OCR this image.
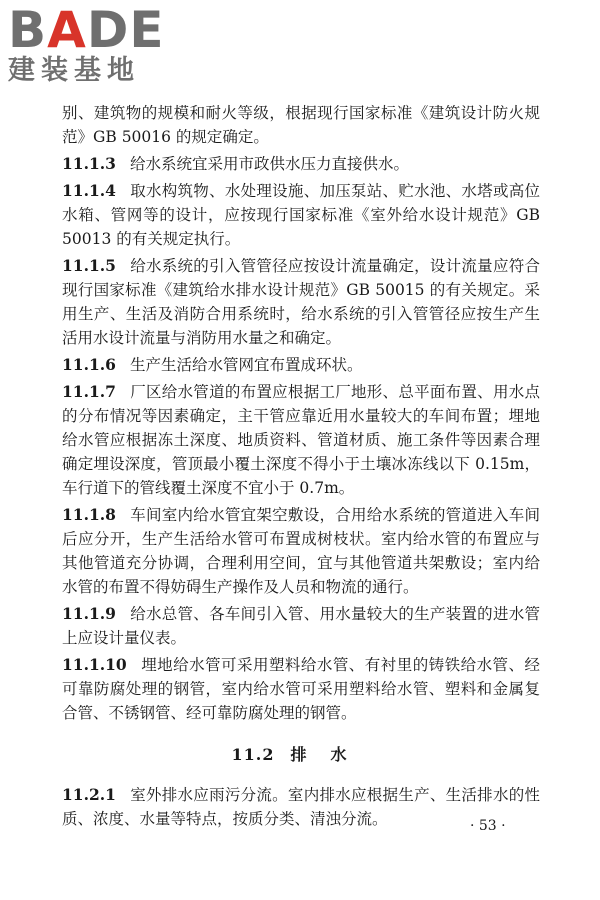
BADE
建装基地

别、建筑物的规模和耐火等级，根据现行国家标准《建筑设计防火规范》GB 50016 的规定确定。

11.1.3 给水系统宜采用市政供水压力直接供水。

11.1.4 取水构筑物、水处理设施、加压泵站、贮水池、水塔或高位水箱、管网等的设计，应按现行国家标准《室外给水设计规范》GB 50013 的有关规定执行。

11.1.5 给水系统的引入管管径应按设计流量确定，设计流量应符合现行国家标准《建筑给水排水设计规范》GB 50015 的有关规定。采用生产、生活及消防合用系统时，给水系统的引入管管径应按生产生活用水设计流量与消防用水量之和确定。

11.1.6 生产生活给水管网宜布置成环状。

11.1.7 厂区给水管道的布置应根据工厂地形、总平面布置、用水点的分布情况等因素确定，主干管应靠近用水量较大的车间布置；埋地给水管应根据冻土深度、地质资料、管道材质、施工条件等因素合理确定埋设深度，管顶最小覆土深度不得小于土壤冰冻线以下 0.15m，车行道下的管线覆土深度不宜小于 0.7m。

11.1.8 车间室内给水管宜架空敷设，合用给水系统的管道进入车间后应分开，生产生活给水管可布置成树枝状。室内给水管的布置应与其他管道充分协调，合理利用空间，宜与其他管道共架敷设；室内给水管的布置不得妨碍生产操作及人员和物流的通行。

11.1.9 给水总管、各车间引入管、用水量较大的生产装置的进水管上应设计量仪表。

11.1.10 埋地给水管可采用塑料给水管、有衬里的铸铁给水管、经可靠防腐处理的钢管，室内给水管可采用塑料给水管、塑料和金属复合管、不锈钢管、经可靠防腐处理的钢管。

11.2 排水

11.2.1 室外排水应雨污分流。室内排水应根据生产、生活排水的性质、浓度、水量等特点，按质分类、清浊分流。	· 53 ·
